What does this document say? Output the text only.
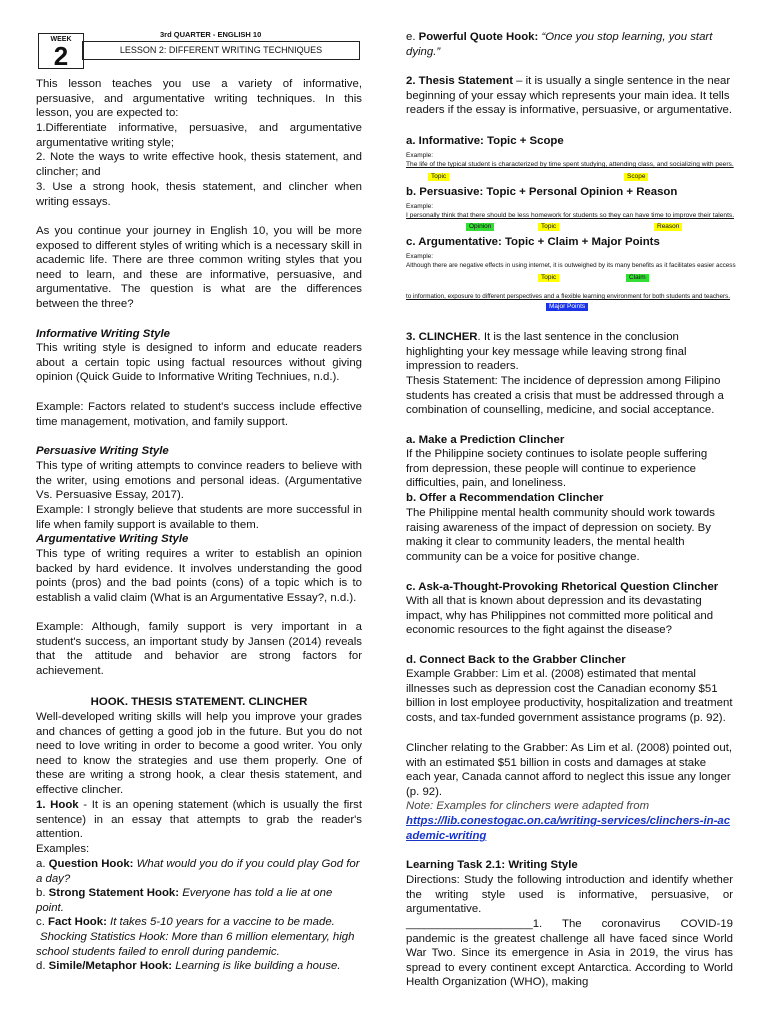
WEEK
2
3rd QUARTER - ENGLISH 10
LESSON 2: DIFFERENT WRITING TECHNIQUES
This lesson teaches you use a variety of informative, persuasive, and argumentative writing techniques. In this lesson, you are expected to:
1.Differentiate informative, persuasive, and argumentative
argumentative writing style;
2. Note the ways to write effective hook, thesis statement, and clincher; and
3. Use a strong hook, thesis statement, and clincher when writing essays.
As you continue your journey in English 10, you will be more exposed to different styles of writing which is a necessary skill in academic life. There are three common writing styles that you need to learn, and these are informative, persuasive, and argumentative. The question is what are the differences between the three?
Informative Writing Style
This writing style is designed to inform and educate readers about a certain topic using factual resources without giving opinion (Quick Guide to Informative Writing Techniues, n.d.).
Example: Factors related to student's success include effective time management, motivation, and family support.
Persuasive Writing Style
This type of writing attempts to convince readers to believe with the writer, using emotions and personal ideas. (Argumentative Vs. Persuasive Essay, 2017).
Example: I strongly believe that students are more successful in life when family support is available to them.
Argumentative Writing Style
This type of writing requires a writer to establish an opinion backed by hard evidence. It involves understanding the good points (pros) and the bad points (cons) of a topic which is to establish a valid claim (What is an Argumentative Essay?, n.d.).
Example: Although, family support is very important in a student's success, an important study by Jansen (2014) reveals that the attitude and behavior are strong factors for achievement.
HOOK. THESIS STATEMENT. CLINCHER
Well-developed writing skills will help you improve your grades and chances of getting a good job in the future. But you do not need to love writing in order to become a good writer. You only need to know the strategies and use them properly. One of these are writing a strong hook, a clear thesis statement, and effective clincher.
1. Hook - It is an opening statement (which is usually the first sentence) in an essay that attempts to grab the reader's attention.
Examples:
a. Question Hook: What would you do if you could play God for a day?
b. Strong Statement Hook: Everyone has told a lie at one point.
c. Fact Hook: It takes 5-10 years for a vaccine to be made.
Shocking Statistics Hook: More than 6 million elementary, high school students failed to enroll during pandemic.
d. Simile/Metaphor Hook: Learning is like building a house.
e. Powerful Quote Hook: “Once you stop learning, you start dying.”
2. Thesis Statement – it is usually a single sentence in the near beginning of your essay which represents your main idea. It tells readers if the essay is informative, persuasive, or argumentative.
a. Informative: Topic + Scope
Example:
The life of the typical student is characterized by time spent studying, attending class, and socializing with peers.
Topic	Scope
b. Persuasive: Topic + Personal Opinion + Reason
Example:
I personally think that there should be less homework for students so they can have time to improve their talents.
Opinion	Topic	Reason
c. Argumentative: Topic + Claim + Major Points
Example:
Although there are negative effects in using internet, it is outweighed by its many benefits as it facilitates easier access
Topic	Claim
to information, exposure to different perspectives and a flexible learning environment for both students and teachers.
Major Points
3. CLINCHER. It is the last sentence in the conclusion highlighting your key message while leaving strong final impression to readers.
Thesis Statement: The incidence of depression among Filipino students has created a crisis that must be addressed through a combination of counselling, medicine, and social acceptance.
a. Make a Prediction Clincher
If the Philippine society continues to isolate people suffering from depression, these people will continue to experience difficulties, pain, and loneliness.
b. Offer a Recommendation Clincher
The Philippine mental health community should work towards raising awareness of the impact of depression on society. By making it clear to community leaders, the mental health community can be a voice for positive change.
c. Ask-a-Thought-Provoking Rhetorical Question Clincher
With all that is known about depression and its devastating impact, why has Philippines not committed more political and economic resources to the fight against the disease?
d. Connect Back to the Grabber Clincher
Example Grabber: Lim et al. (2008) estimated that mental illnesses such as depression cost the Canadian economy $51 billion in lost employee productivity, hospitalization and treatment costs, and tax-funded government assistance programs (p. 92).
Clincher relating to the Grabber: As Lim et al. (2008) pointed out, with an estimated $51 billion in costs and damages at stake each year, Canada cannot afford to neglect this issue any longer (p. 92).
Note: Examples for clinchers were adapted from
https://lib.conestogac.on.ca/writing-services/clinchers-in-academic-writing
Learning Task 2.1: Writing Style
Directions: Study the following introduction and identify whether the writing style used is informative, persuasive, or argumentative.
____________________1. The coronavirus COVID-19 pandemic is the greatest challenge all have faced since World War Two. Since its emergence in Asia in 2019, the virus has spread to every continent except Antarctica. According to World Health Organization (WHO), making
